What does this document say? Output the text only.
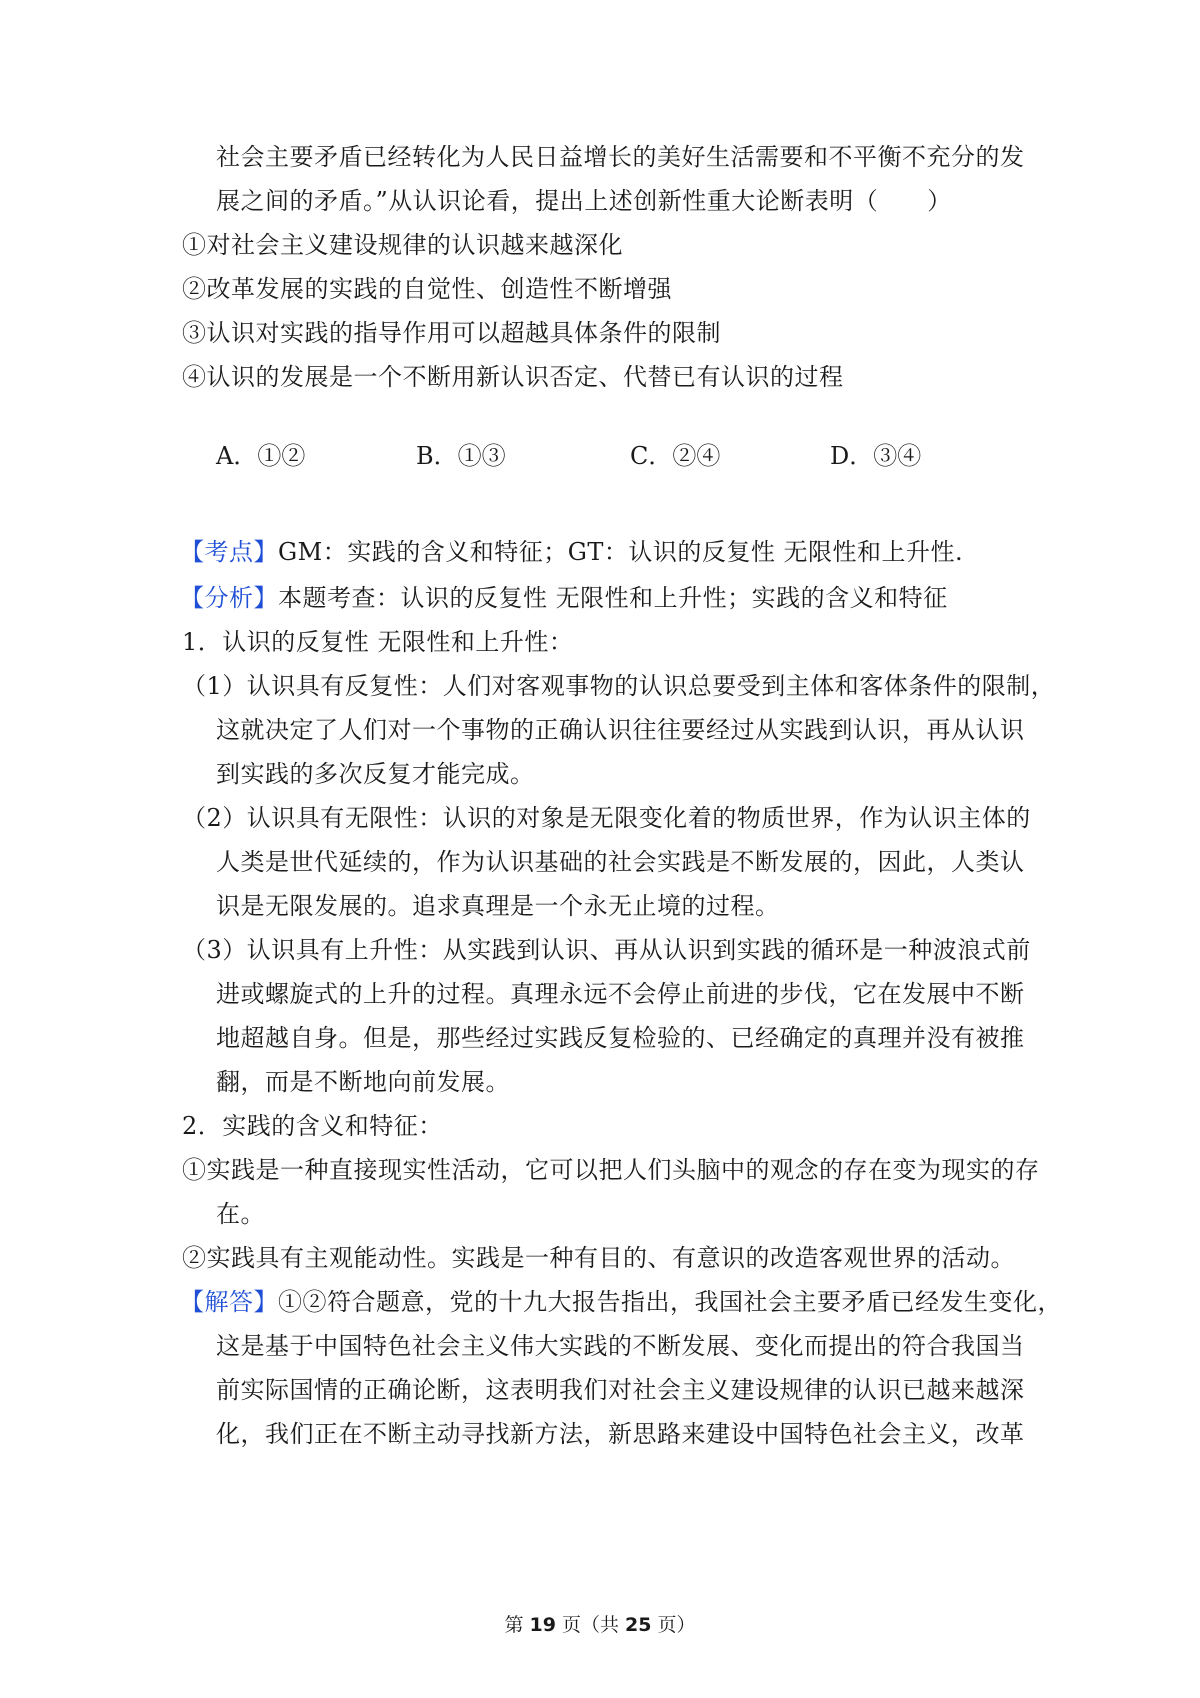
社会主要矛盾已经转化为人民日益增长的美好生活需要和不平衡不充分的发
展之间的矛盾。”从认识论看，提出上述创新性重大论断表明（　　）
①对社会主义建设规律的认识越来越深化
②改革发展的实践的自觉性、创造性不断增强
③认识对实践的指导作用可以超越具体条件的限制
④认识的发展是一个不断用新认识否定、代替已有认识的过程
A．①②	B．①③	C．②④	D．③④
【考点】GM：实践的含义和特征；GT：认识的反复性 无限性和上升性.
【分析】本题考查：认识的反复性 无限性和上升性；实践的含义和特征
1．认识的反复性 无限性和上升性：
（1）认识具有反复性：人们对客观事物的认识总要受到主体和客体条件的限制，
这就决定了人们对一个事物的正确认识往往要经过从实践到认识，再从认识
到实践的多次反复才能完成。
（2）认识具有无限性：认识的对象是无限变化着的物质世界，作为认识主体的
人类是世代延续的，作为认识基础的社会实践是不断发展的，因此，人类认
识是无限发展的。追求真理是一个永无止境的过程。
（3）认识具有上升性：从实践到认识、再从认识到实践的循环是一种波浪式前
进或螺旋式的上升的过程。真理永远不会停止前进的步伐，它在发展中不断
地超越自身。但是，那些经过实践反复检验的、已经确定的真理并没有被推
翻，而是不断地向前发展。
2．实践的含义和特征：
①实践是一种直接现实性活动，它可以把人们头脑中的观念的存在变为现实的存
在。
②实践具有主观能动性。实践是一种有目的、有意识的改造客观世界的活动。
【解答】①②符合题意，党的十九大报告指出，我国社会主要矛盾已经发生变化，
这是基于中国特色社会主义伟大实践的不断发展、变化而提出的符合我国当
前实际国情的正确论断，这表明我们对社会主义建设规律的认识已越来越深
化，我们正在不断主动寻找新方法，新思路来建设中国特色社会主义，改革
第 19 页（共 25 页）
